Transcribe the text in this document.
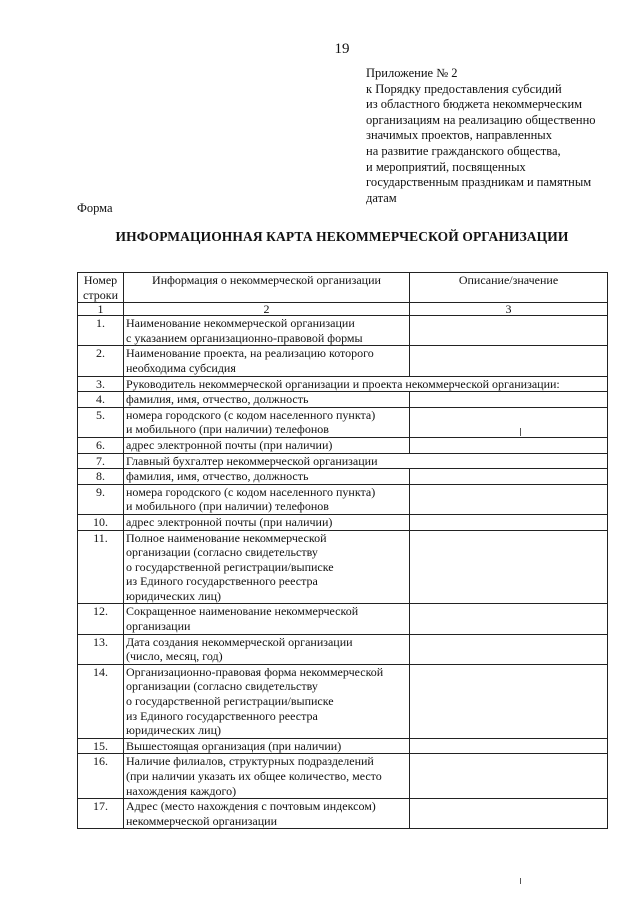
19
Приложение № 2
к Порядку предоставления субсидий
из областного бюджета некоммерческим
организациям на реализацию общественно
значимых проектов, направленных
на развитие гражданского общества,
и мероприятий, посвященных
государственным праздникам и памятным
датам
Форма
ИНФОРМАЦИОННАЯ КАРТА НЕКОММЕРЧЕСКОЙ ОРГАНИЗАЦИИ
Номер
строки	Информация о некоммерческой организации	Описание/значение
1	2	3
1.	Наименование некоммерческой организации
с указанием организационно-правовой формы	

2.	Наименование проекта, на реализацию которого
необходима субсидия	

3.	Руководитель некоммерческой организации и проекта некоммерческой организации:	

4.	фамилия, имя, отчество, должность	

5.	номера городского (с кодом населенного пункта)
и мобильного (при наличии) телефонов	

6.	адрес электронной почты (при наличии)	

7.	Главный бухгалтер некоммерческой организации	

8.	фамилия, имя, отчество, должность	

9.	номера городского (с кодом населенного пункта)
и мобильного (при наличии) телефонов	

10.	адрес электронной почты (при наличии)	

11.	Полное наименование некоммерческой
организации (согласно свидетельству
о государственной регистрации/выписке
из Единого государственного реестра
юридических лиц)	

12.	Сокращенное наименование некоммерческой
организации	

13.	Дата создания некоммерческой организации
(число, месяц, год)	

14.	Организационно-правовая форма некоммерческой
организации (согласно свидетельству
о государственной регистрации/выписке
из Единого государственного реестра
юридических лиц)	

15.	Вышестоящая организация (при наличии)	

16.	Наличие филиалов, структурных подразделений
(при наличии указать их общее количество, место
нахождения каждого)	

17.	Адрес (место нахождения с почтовым индексом)
некоммерческой организации	
